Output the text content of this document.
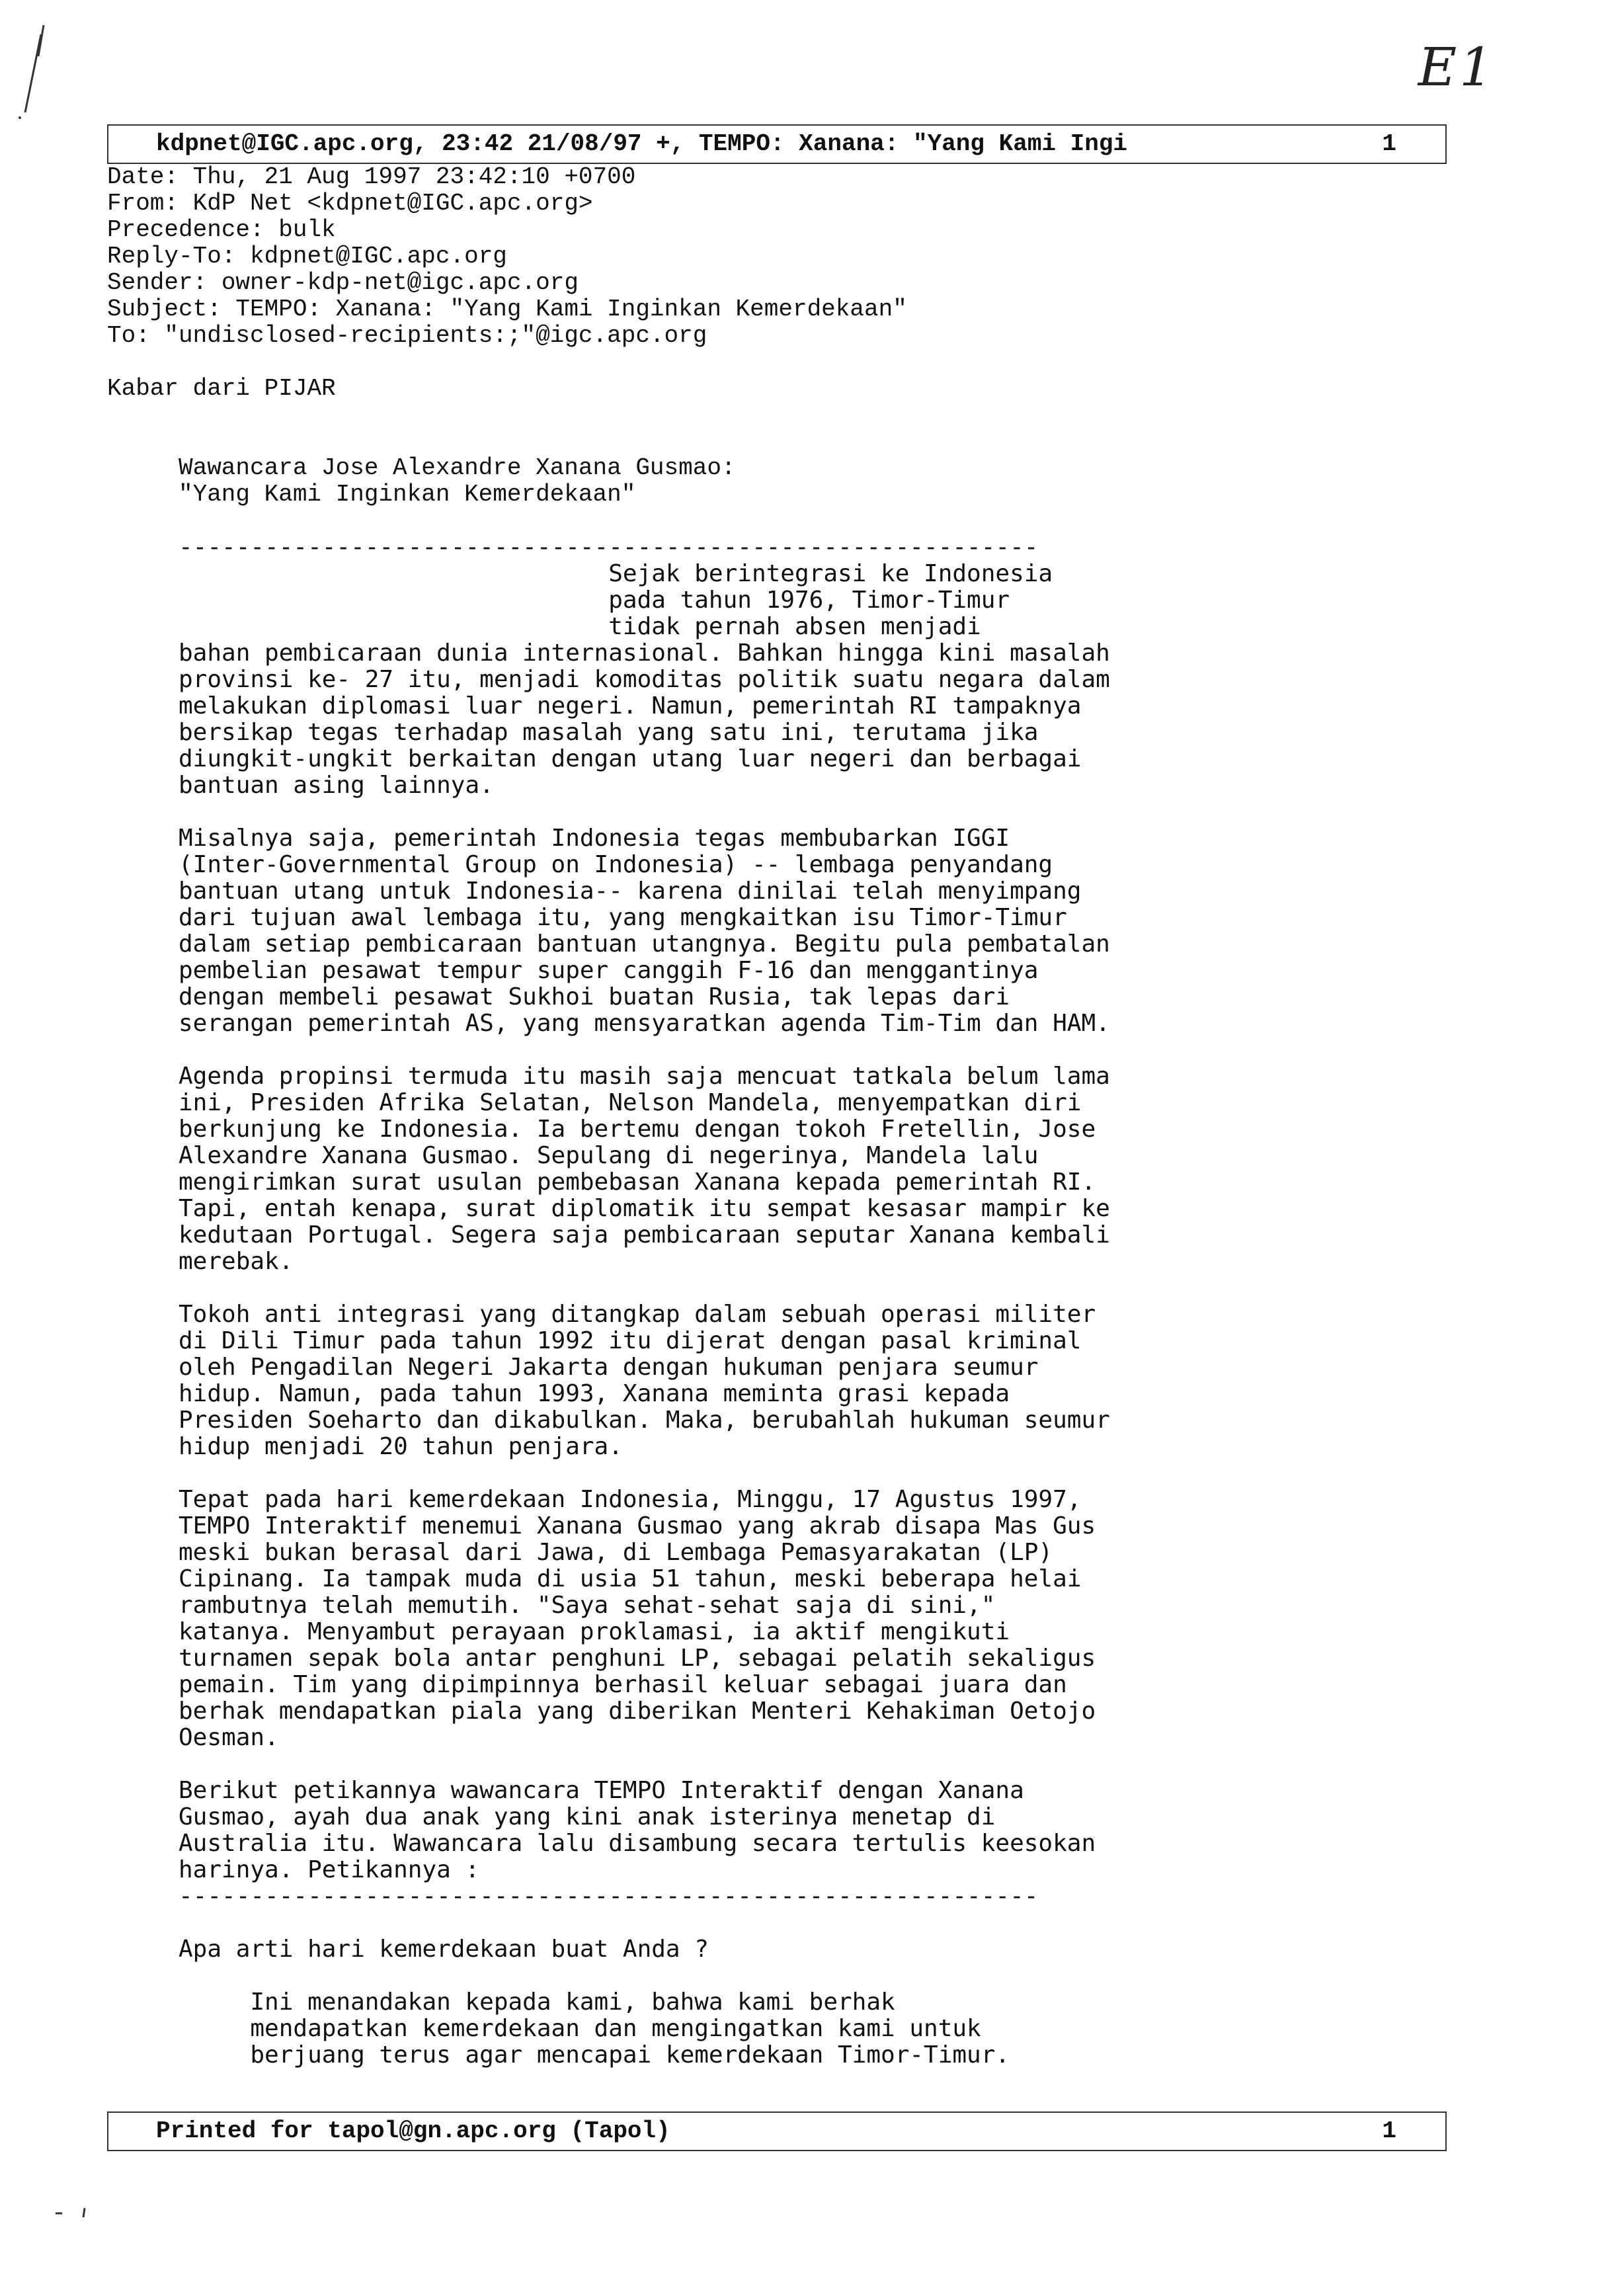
E1
kdpnet@IGC.apc.org, 23:42 21/08/97 +, TEMPO: Xanana: "Yang Kami Ingi	1
Date: Thu, 21 Aug 1997 23:42:10 +0700
From: KdP Net <kdpnet@IGC.apc.org>
Precedence: bulk
Reply-To: kdpnet@IGC.apc.org
Sender: owner-kdp-net@igc.apc.org
Subject: TEMPO: Xanana: "Yang Kami Inginkan Kemerdekaan"
To: "undisclosed-recipients:;"@igc.apc.org
Kabar dari PIJAR
Wawancara Jose Alexandre Xanana Gusmao:
"Yang Kami Inginkan Kemerdekaan"
------------------------------------------------------------
Sejak berintegrasi ke Indonesia
pada tahun 1976, Timor-Timur
tidak pernah absen menjadi
bahan pembicaraan dunia internasional. Bahkan hingga kini masalah
provinsi ke- 27 itu, menjadi komoditas politik suatu negara dalam
melakukan diplomasi luar negeri. Namun, pemerintah RI tampaknya
bersikap tegas terhadap masalah yang satu ini, terutama jika
diungkit-ungkit berkaitan dengan utang luar negeri dan berbagai
bantuan asing lainnya.

Misalnya saja, pemerintah Indonesia tegas membubarkan IGGI
(Inter-Governmental Group on Indonesia) -- lembaga penyandang
bantuan utang untuk Indonesia-- karena dinilai telah menyimpang
dari tujuan awal lembaga itu, yang mengkaitkan isu Timor-Timur
dalam setiap pembicaraan bantuan utangnya. Begitu pula pembatalan
pembelian pesawat tempur super canggih F-16 dan menggantinya
dengan membeli pesawat Sukhoi buatan Rusia, tak lepas dari
serangan pemerintah AS, yang mensyaratkan agenda Tim-Tim dan HAM.

Agenda propinsi termuda itu masih saja mencuat tatkala belum lama
ini, Presiden Afrika Selatan, Nelson Mandela, menyempatkan diri
berkunjung ke Indonesia. Ia bertemu dengan tokoh Fretellin, Jose
Alexandre Xanana Gusmao. Sepulang di negerinya, Mandela lalu
mengirimkan surat usulan pembebasan Xanana kepada pemerintah RI.
Tapi, entah kenapa, surat diplomatik itu sempat kesasar mampir ke
kedutaan Portugal. Segera saja pembicaraan seputar Xanana kembali
merebak.

Tokoh anti integrasi yang ditangkap dalam sebuah operasi militer
di Dili Timur pada tahun 1992 itu dijerat dengan pasal kriminal
oleh Pengadilan Negeri Jakarta dengan hukuman penjara seumur
hidup. Namun, pada tahun 1993, Xanana meminta grasi kepada
Presiden Soeharto dan dikabulkan. Maka, berubahlah hukuman seumur
hidup menjadi 20 tahun penjara.

Tepat pada hari kemerdekaan Indonesia, Minggu, 17 Agustus 1997,
TEMPO Interaktif menemui Xanana Gusmao yang akrab disapa Mas Gus
meski bukan berasal dari Jawa, di Lembaga Pemasyarakatan (LP)
Cipinang. Ia tampak muda di usia 51 tahun, meski beberapa helai
rambutnya telah memutih. "Saya sehat-sehat saja di sini,"
katanya. Menyambut perayaan proklamasi, ia aktif mengikuti
turnamen sepak bola antar penghuni LP, sebagai pelatih sekaligus
pemain. Tim yang dipimpinnya berhasil keluar sebagai juara dan
berhak mendapatkan piala yang diberikan Menteri Kehakiman Oetojo
Oesman.

Berikut petikannya wawancara TEMPO Interaktif dengan Xanana
Gusmao, ayah dua anak yang kini anak isterinya menetap di
Australia itu. Wawancara lalu disambung secara tertulis keesokan
harinya. Petikannya :
------------------------------------------------------------

Apa arti hari kemerdekaan buat Anda ?

Ini menandakan kepada kami, bahwa kami berhak
mendapatkan kemerdekaan dan mengingatkan kami untuk
berjuang terus agar mencapai kemerdekaan Timor-Timur.
Printed for tapol@gn.apc.org (Tapol)	1
